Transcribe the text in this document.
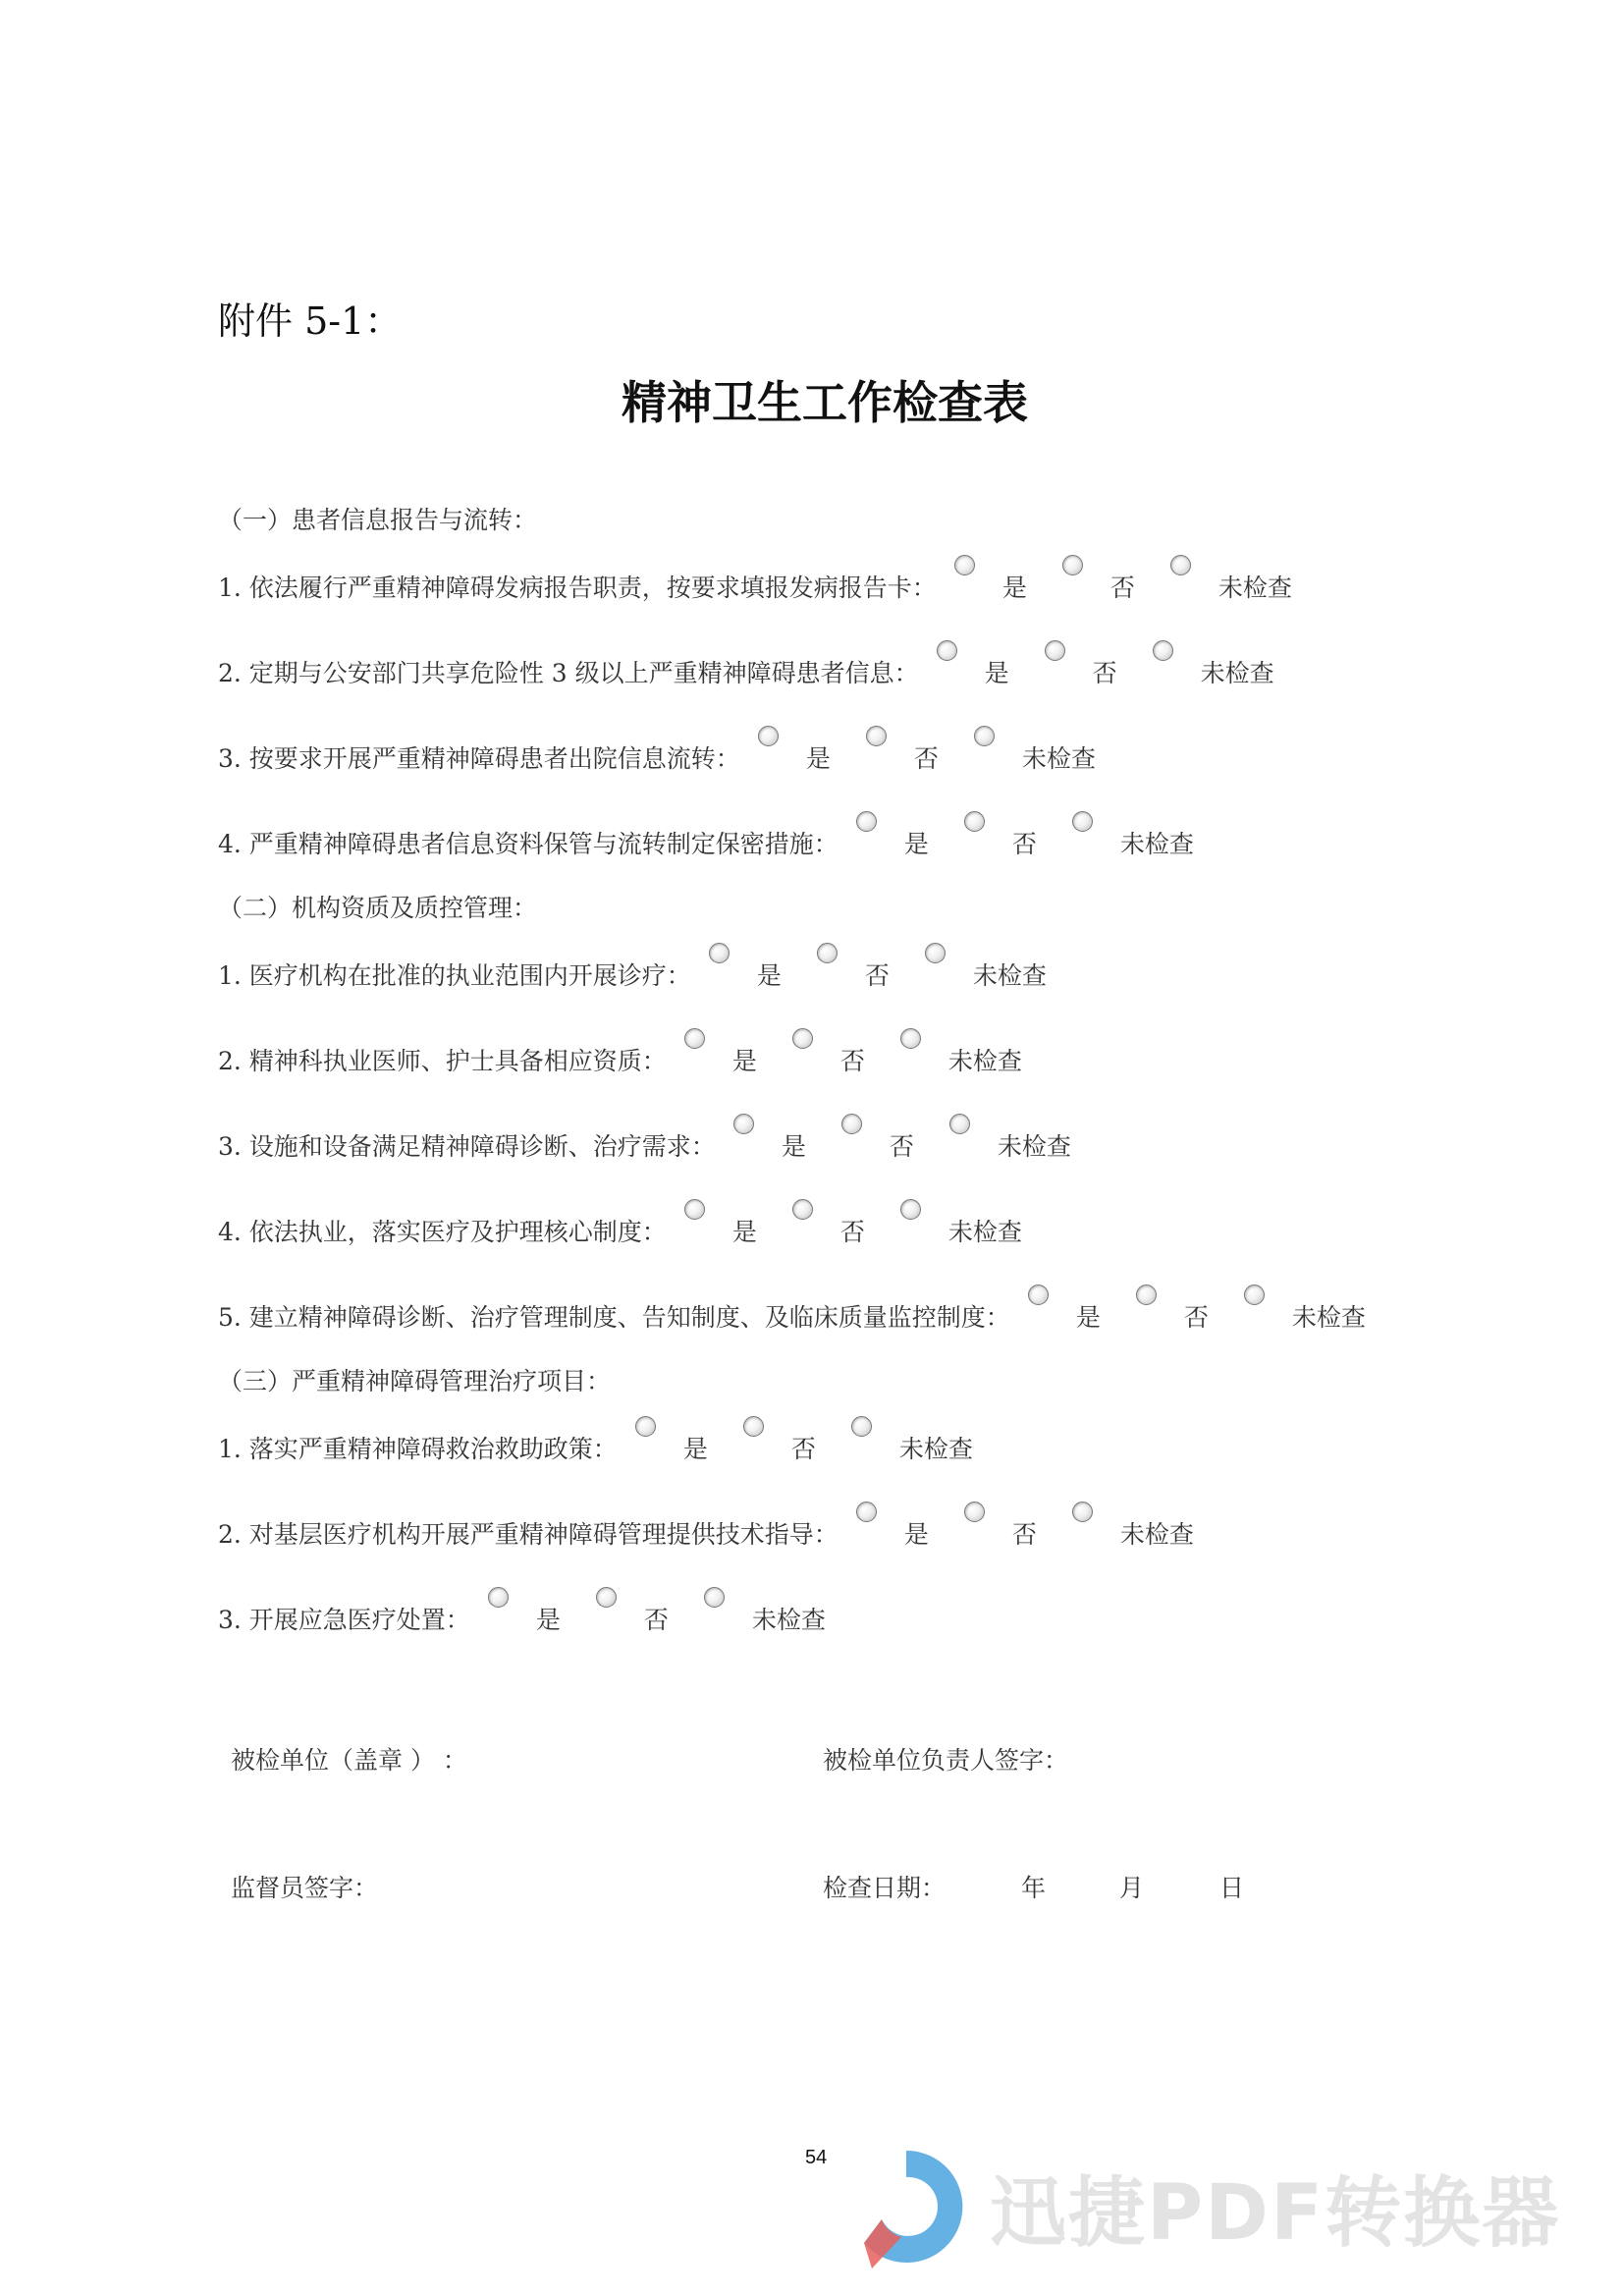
附件 5-1：
精神卫生工作检查表
（一）患者信息报告与流转：
1. 依法履行严重精神障碍发病报告职责，按要求填报发病报告卡：	是	否	未检查
2. 定期与公安部门共享危险性 3 级以上严重精神障碍患者信息：	是	否	未检查
3. 按要求开展严重精神障碍患者出院信息流转：	是	否	未检查
4. 严重精神障碍患者信息资料保管与流转制定保密措施：	是	否	未检查
（二）机构资质及质控管理：
1. 医疗机构在批准的执业范围内开展诊疗：	是	否	未检查
2. 精神科执业医师、护士具备相应资质：	是	否	未检查
3. 设施和设备满足精神障碍诊断、治疗需求：	是	否	未检查
4. 依法执业，落实医疗及护理核心制度：	是	否	未检查
5. 建立精神障碍诊断、治疗管理制度、告知制度、及临床质量监控制度：	是	否	未检查
（三）严重精神障碍管理治疗项目：
1. 落实严重精神障碍救治救助政策：	是	否	未检查
2. 对基层医疗机构开展严重精神障碍管理提供技术指导：	是	否	未检查
3. 开展应急医疗处置：	是	否	未检查
被检单位（盖章 ） ：	被检单位负责人签字：
监督员签字：	检查日期：	年	月	日
54
迅捷PDF转换器
